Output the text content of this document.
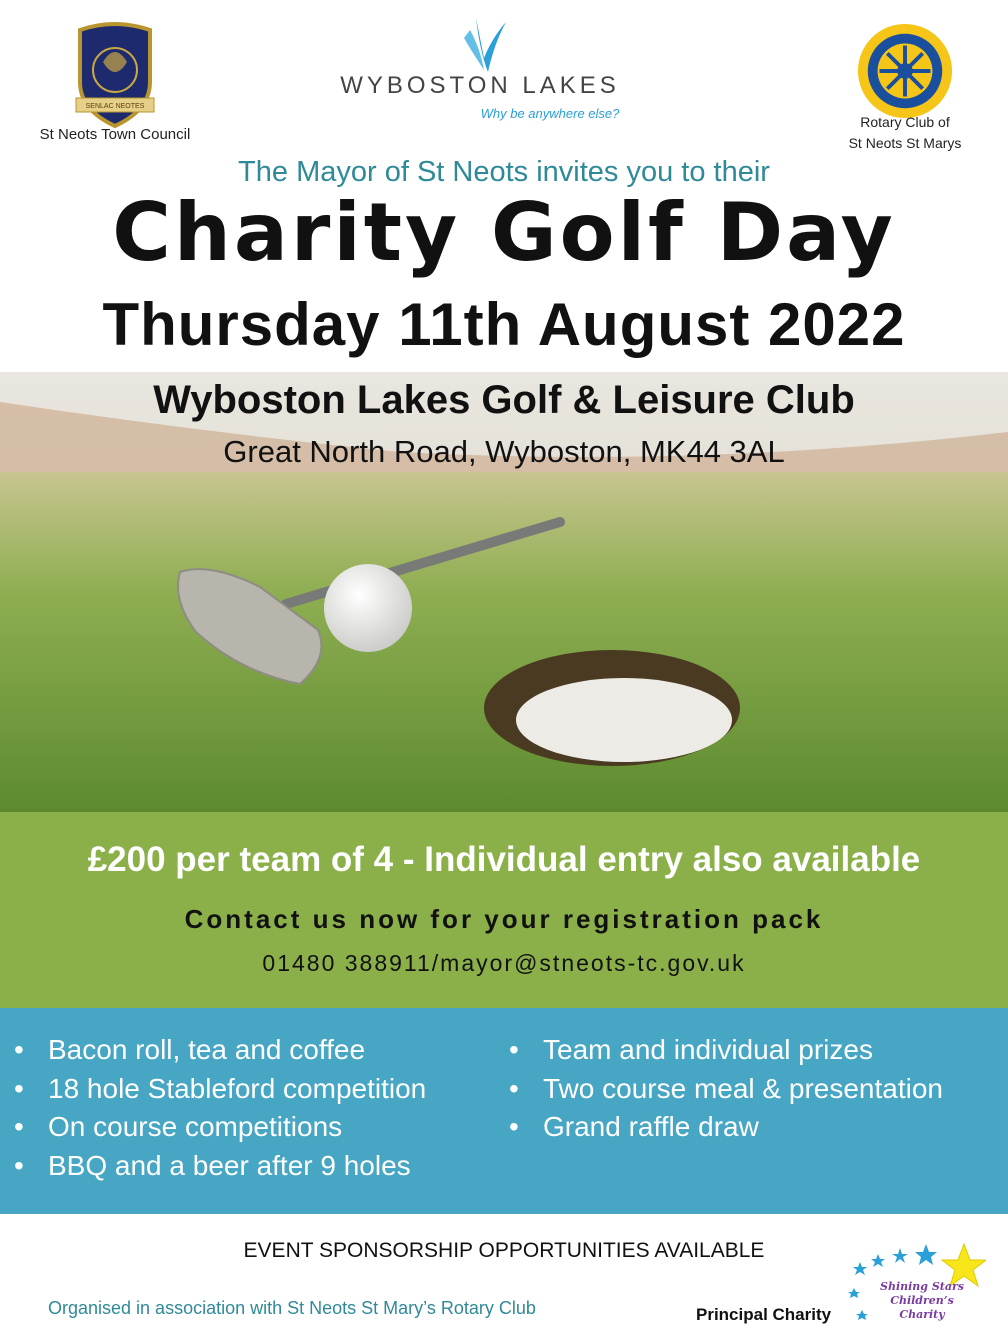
SENLAC NEOTES
St Neots Town Council
WYBOSTON LAKES
Why be anywhere else?
Rotary Club of
St Neots St Marys
The Mayor of St Neots invites you to their
Charity Golf Day
Thursday 11th August 2022
Wyboston Lakes Golf & Leisure Club
Great North Road, Wyboston, MK44 3AL
£200 per team of 4 - Individual entry also available
Contact us now for your registration pack
01480 388911/mayor@stneots-tc.gov.uk
• Bacon roll, tea and coffee
• 18 hole Stableford competition
• On course competitions
• BBQ and a beer after 9 holes
• Team and individual prizes
• Two course meal & presentation
• Grand raffle draw
EVENT SPONSORSHIP OPPORTUNITIES AVAILABLE
Organised in association with St Neots St Mary’s Rotary Club	Principal Charity
Shining Stars
Children’s Charity
